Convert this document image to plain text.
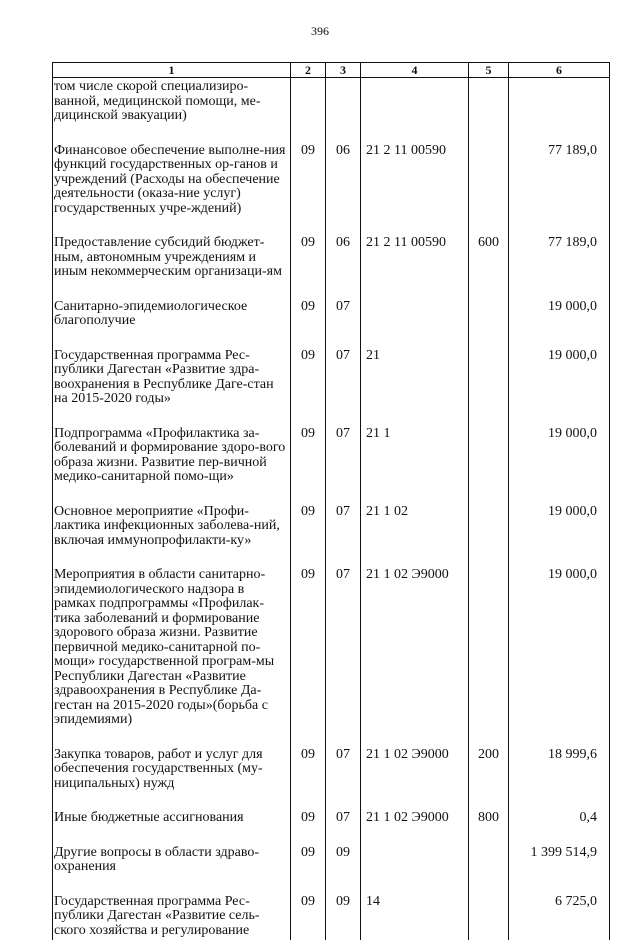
396
1	2	3	4	5	6
том числе скорой специализиро-ванной, медицинской помощи, ме-дицинской эвакуации)					
Финансовое обеспечение выполне-ния функций государственных ор-ганов и учреждений (Расходы на обеспечение деятельности (оказа-ние услуг) государственных учре-ждений)	09	06	21 2 11 00590		77 189,0
Предоставление субсидий бюджет-ным, автономным учреждениям и иным некоммерческим организаци-ям	09	06	21 2 11 00590	600	77 189,0
Санитарно-эпидемиологическое благополучие	09	07			19 000,0
Государственная программа Рес-публики Дагестан «Развитие здра-воохранения в Республике Даге-стан на 2015-2020 годы»	09	07	21		19 000,0
Подпрограмма «Профилактика за-болеваний и формирование здоро-вого образа жизни. Развитие пер-вичной медико-санитарной помо-щи»	09	07	21 1		19 000,0
Основное мероприятие «Профи-лактика инфекционных заболева-ний, включая иммунопрофилакти-ку»	09	07	21 1 02		19 000,0
Мероприятия в области санитарно-эпидемиологического надзора в рамках подпрограммы «Профилак-тика заболеваний и формирование здорового образа жизни. Развитие первичной медико-санитарной по-мощи» государственной програм-мы Республики Дагестан «Развитие здравоохранения в Республике Да-гестан на 2015-2020 годы»(борьба с эпидемиями)	09	07	21 1 02 Э9000		19 000,0
Закупка товаров, работ и услуг для обеспечения государственных (му-ниципальных) нужд	09	07	21 1 02 Э9000	200	18 999,6
Иные бюджетные ассигнования	09	07	21 1 02 Э9000	800	0,4
Другие вопросы в области здраво-охранения	09	09			1 399 514,9
Государственная программа Рес-публики Дагестан «Развитие сель-ского хозяйства и регулирование	09	09	14		6 725,0
